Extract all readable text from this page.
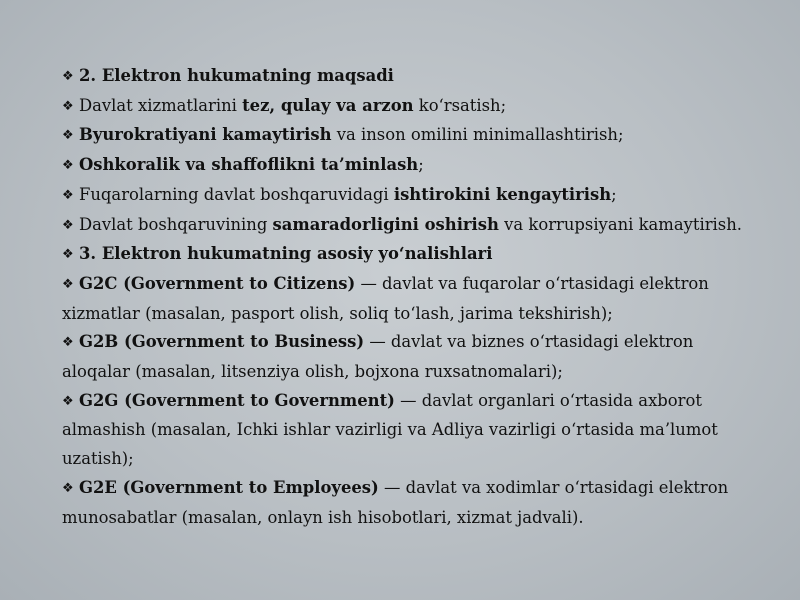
❖ 2. Elektron hukumatning maqsadi
❖ Davlat xizmatlarini tez, qulay va arzon ko‘rsatish;
❖ Byurokratiyani kamaytirish va inson omilini minimallashtirish;
❖ Oshkoralik va shaffoflikni ta’minlash;
❖ Fuqarolarning davlat boshqaruvidagi ishtirokini kengaytirish;
❖ Davlat boshqaruvining samaradorligini oshirish va korrupsiyani kamaytirish.
❖ 3. Elektron hukumatning asosiy yo‘nalishlari
❖ G2C (Government to Citizens) — davlat va fuqarolar o‘rtasidagi elektron xizmatlar (masalan, pasport olish, soliq to‘lash, jarima tekshirish);
❖ G2B (Government to Business) — davlat va biznes o‘rtasidagi elektron aloqalar (masalan, litsenziya olish, bojxona ruxsatnomalari);
❖ G2G (Government to Government) — davlat organlari o‘rtasida axborot almashish (masalan, Ichki ishlar vazirligi va Adliya vazirligi o‘rtasida ma’lumot uzatish);
❖ G2E (Government to Employees) — davlat va xodimlar o‘rtasidagi elektron munosabatlar (masalan, onlayn ish hisobotlari, xizmat jadvali).
